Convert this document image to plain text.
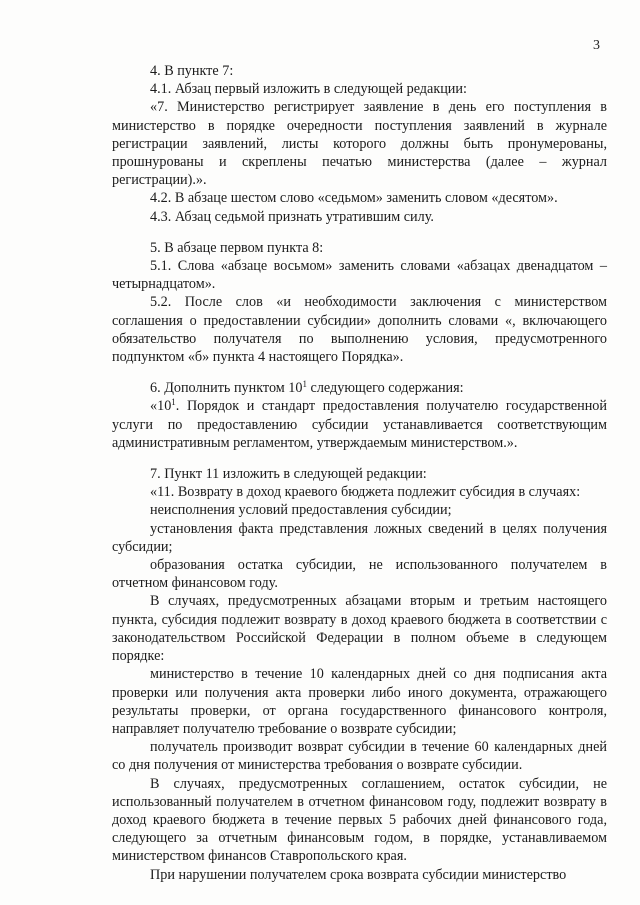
3

4. В пункте 7:

4.1. Абзац первый изложить в следующей редакции:

«7. Министерство регистрирует заявление в день его поступления в министерство в порядке очередности поступления заявлений в журнале регистрации заявлений, листы которого должны быть пронумерованы, прошнурованы и скреплены печатью министерства (далее – журнал регистрации).».

4.2. В абзаце шестом слово «седьмом» заменить словом «десятом».

4.3. Абзац седьмой признать утратившим силу.

5. В абзаце первом пункта 8:

5.1. Слова «абзаце восьмом» заменить словами «абзацах двенадцатом – четырнадцатом».

5.2. После слов «и необходимости заключения с министерством соглашения о предоставлении субсидии» дополнить словами «, включающего обязательство получателя по выполнению условия, предусмотренного подпунктом «б» пункта 4 настоящего Порядка».

6. Дополнить пунктом $10^1$ следующего содержания:

«$10^1$. Порядок и стандарт предоставления получателю государственной услуги по предоставлению субсидии устанавливается соответствующим административным регламентом, утверждаемым министерством.».

7. Пункт 11 изложить в следующей редакции:

«11. Возврату в доход краевого бюджета подлежит субсидия в случаях:

неисполнения условий предоставления субсидии;

установления факта представления ложных сведений в целях получения субсидии;

образования остатка субсидии, не использованного получателем в отчетном финансовом году.

В случаях, предусмотренных абзацами вторым и третьим настоящего пункта, субсидия подлежит возврату в доход краевого бюджета в соответствии с законодательством Российской Федерации в полном объеме в следующем порядке:

министерство в течение 10 календарных дней со дня подписания акта проверки или получения акта проверки либо иного документа, отражающего результаты проверки, от органа государственного финансового контроля, направляет получателю требование о возврате субсидии;

получатель производит возврат субсидии в течение 60 календарных дней со дня получения от министерства требования о возврате субсидии.

В случаях, предусмотренных соглашением, остаток субсидии, не использованный получателем в отчетном финансовом году, подлежит возврату в доход краевого бюджета в течение первых 5 рабочих дней финансового года, следующего за отчетным финансовым годом, в порядке, устанавливаемом министерством финансов Ставропольского края.

При нарушении получателем срока возврата субсидии министерство
